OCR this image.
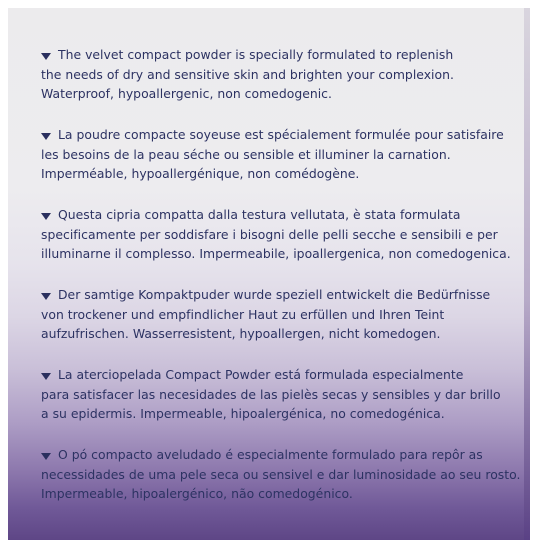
The velvet compact powder is specially formulated to replenish
the needs of dry and sensitive skin and brighten your complexion.
Waterproof, hypoallergenic, non comedogenic.

La poudre compacte soyeuse est spécialement formulée pour satisfaire
les besoins de la peau séche ou sensible et illuminer la carnation.
Imperméable, hypoallergénique, non comédogène.

Questa cipria compatta dalla testura vellutata, è stata formulata
specificamente per soddisfare i bisogni delle pelli secche e sensibili e per
illuminarne il complesso. Impermeabile, ipoallergenica, non comedogenica.

Der samtige Kompaktpuder wurde speziell entwickelt die Bedürfnisse
von trockener und empfindlicher Haut zu erfüllen und Ihren Teint
aufzufrischen. Wasserresistent, hypoallergen, nicht komedogen.

La aterciopelada Compact Powder está formulada especialmente
para satisfacer las necesidades de las pielès secas y sensibles y dar brillo
a su epidermis. Impermeable, hipoalergénica, no comedogénica.

O pó compacto aveludado é especialmente formulado para repôr as
necessidades de uma pele seca ou sensivel e dar luminosidade ao seu rosto.
Impermeable, hipoalergénico, não comedogénico.
